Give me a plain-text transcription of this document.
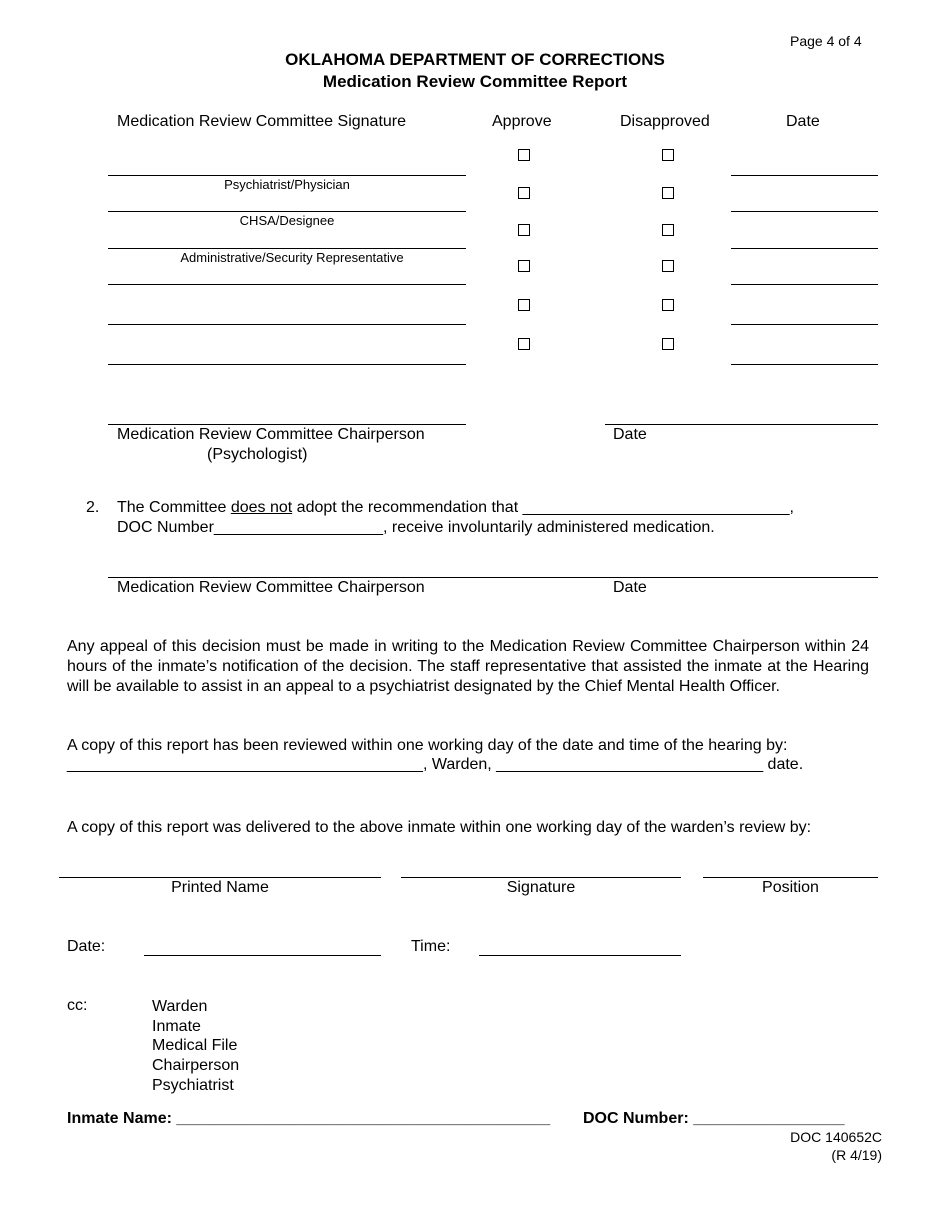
Page 4 of 4
OKLAHOMA DEPARTMENT OF CORRECTIONS
Medication Review Committee Report
Medication Review Committee Signature	Approve	Disapproved	Date
Psychiatrist/Physician
CHSA/Designee
Administrative/Security Representative
Medication Review Committee Chairperson
(Psychologist)
Date
2. The Committee does not adopt the recommendation that ______________________________,
DOC Number___________________, receive involuntarily administered medication.
Medication Review Committee Chairperson	Date
Any appeal of this decision must be made in writing to the Medication Review Committee Chairperson within 24 hours of the inmate’s notification of the decision. The staff representative that assisted the inmate at the Hearing will be available to assist in an appeal to a psychiatrist designated by the Chief Mental Health Officer.
A copy of this report has been reviewed within one working day of the date and time of the hearing by:
________________________________________, Warden, ______________________________ date.
A copy of this report was delivered to the above inmate within one working day of the warden’s review by:
Printed Name	Signature	Position
Date:	Time:
cc:	Warden
Inmate
Medical File
Chairperson
Psychiatrist
Inmate Name: __________________________________________ DOC Number: _________________
DOC 140652C
(R 4/19)
